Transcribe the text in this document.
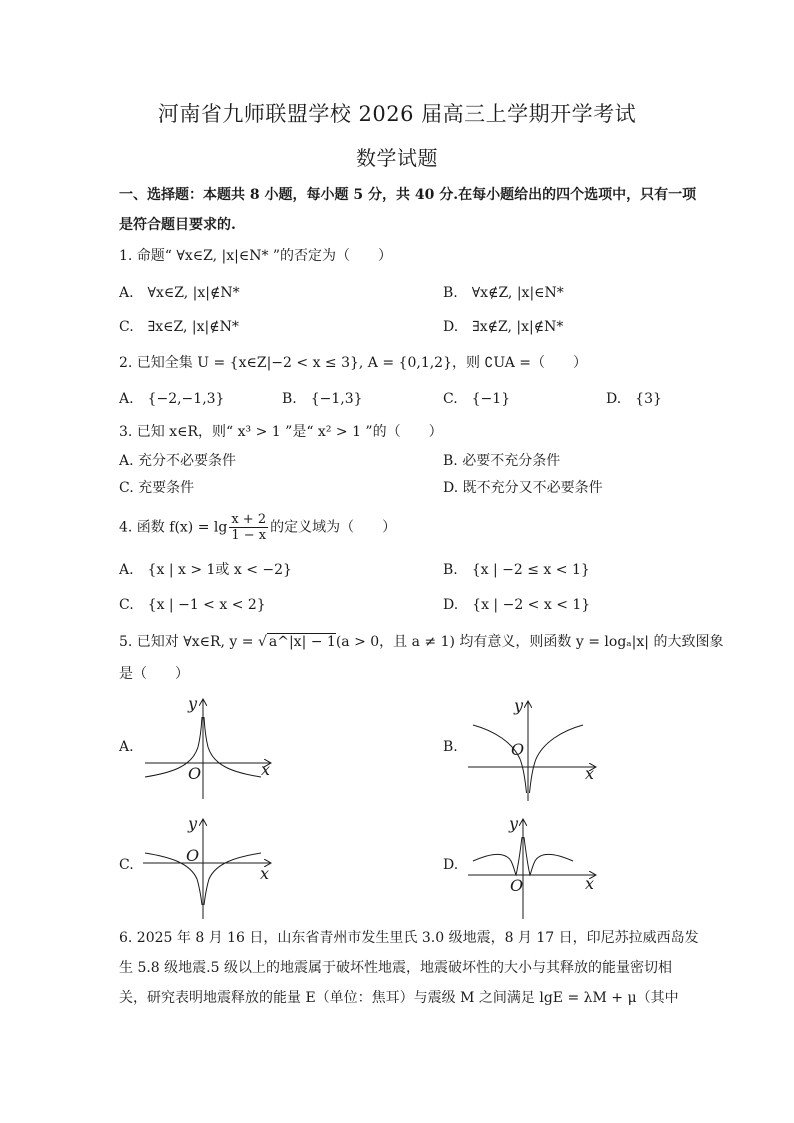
河南省九师联盟学校 2026 届高三上学期开学考试
数学试题
一、选择题：本题共 8 小题，每小题 5 分，共 40 分.在每小题给出的四个选项中，只有一项
是符合题目要求的.
1. 命题“ ∀x∈Z, |x|∈N* ”的否定为（　　）
A.　∀x∈Z, |x|∉N*	B.　∀x∉Z, |x|∈N*
C.　∃x∈Z, |x|∉N*	D.　∃x∉Z, |x|∉N*
2. 已知全集 U = {x∈Z|−2 < x ≤ 3}, A = {0,1,2}，则 ∁UA =（　　）
A.　{−2,−1,3}	B.　{−1,3}	C.　{−1}	D.　{3}
3. 已知 x∈R，则“ x³ > 1 ”是“ x² > 1 ”的（　　）
A. 充分不必要条件	B. 必要不充分条件
C. 充要条件	D. 既不充分又不必要条件
4. 函数 $f(x) = \lg \frac{x + 2}{1 - x}$ 的定义域为（　　）
A.　{x | x > 1或 x < −2}	B.　{x | −2 ≤ x < 1}
C.　{x | −1 < x < 2}	D.　{x | −2 < x < 1}
5. 已知对 ∀x∈R, y = √ a^|x| − 1(a > 0，且 a ≠ 1) 均有意义，则函数 y = logₐ|x| 的大致图象
是（　　）
A.	B.
C.	D.
y
x
O
y
x
O
y
x
O
y
x
O
6. 2025 年 8 月 16 日，山东省青州市发生里氏 3.0 级地震，8 月 17 日，印尼苏拉威西岛发
生 5.8 级地震.5 级以上的地震属于破坏性地震，地震破坏性的大小与其释放的能量密切相
关，研究表明地震释放的能量 E（单位：焦耳）与震级 M 之间满足 lgE = λM + μ（其中
